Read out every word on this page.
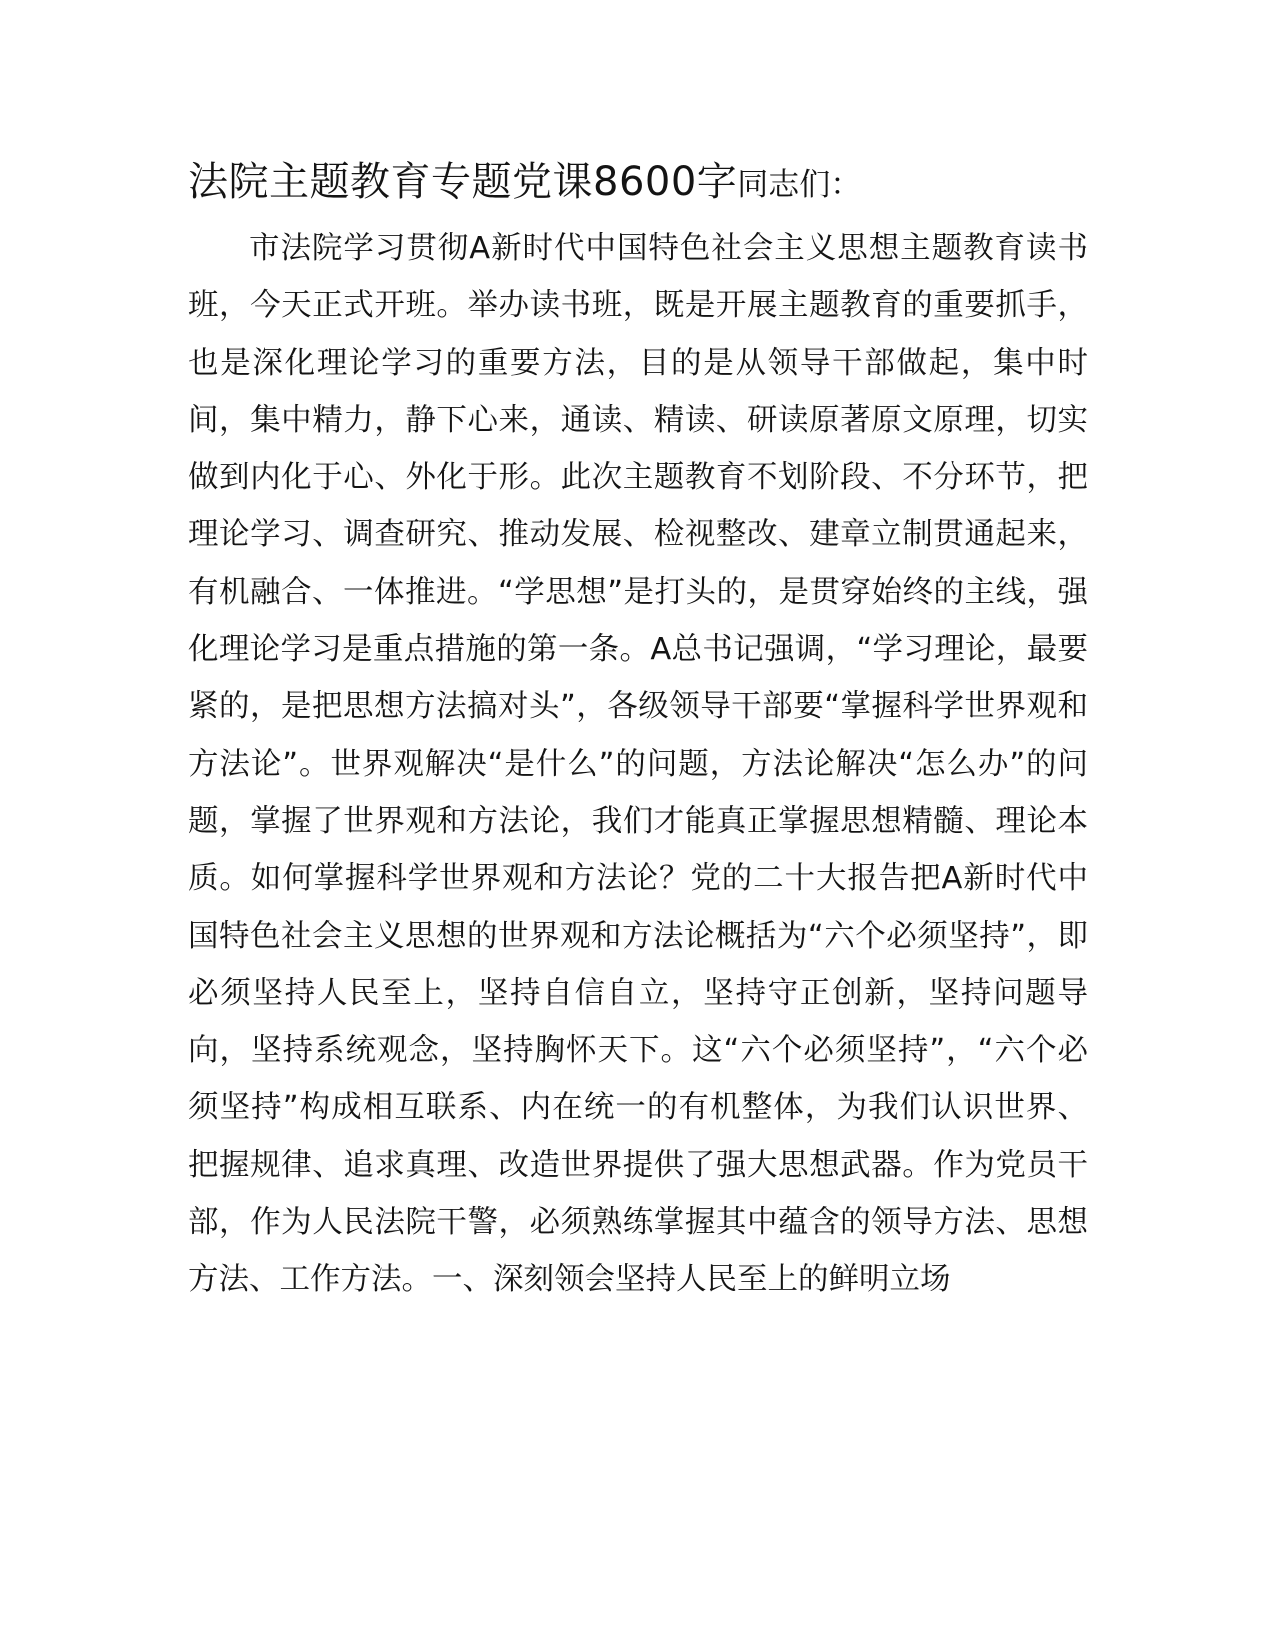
法院主题教育专题党课8600字同志们：

市法院学习贯彻A新时代中国特色社会主义思想主题教育读书班，今天正式开班。举办读书班，既是开展主题教育的重要抓手，也是深化理论学习的重要方法，目的是从领导干部做起，集中时间，集中精力，静下心来，通读、精读、研读原著原文原理，切实做到内化于心、外化于形。此次主题教育不划阶段、不分环节，把理论学习、调查研究、推动发展、检视整改、建章立制贯通起来，有机融合、一体推进。“学思想”是打头的，是贯穿始终的主线，强化理论学习是重点措施的第一条。A总书记强调，“学习理论，最要紧的，是把思想方法搞对头”，各级领导干部要“掌握科学世界观和方法论”。世界观解决“是什么”的问题，方法论解决“怎么办”的问题，掌握了世界观和方法论，我们才能真正掌握思想精髓、理论本质。如何掌握科学世界观和方法论？党的二十大报告把A新时代中国特色社会主义思想的世界观和方法论概括为“六个必须坚持”，即必须坚持人民至上，坚持自信自立，坚持守正创新，坚持问题导向，坚持系统观念，坚持胸怀天下。这“六个必须坚持”，“六个必须坚持”构成相互联系、内在统一的有机整体，为我们认识世界、把握规律、追求真理、改造世界提供了强大思想武器。作为党员干部，作为人民法院干警，必须熟练掌握其中蕴含的领导方法、思想方法、工作方法。一、深刻领会坚持人民至上的鲜明立场
